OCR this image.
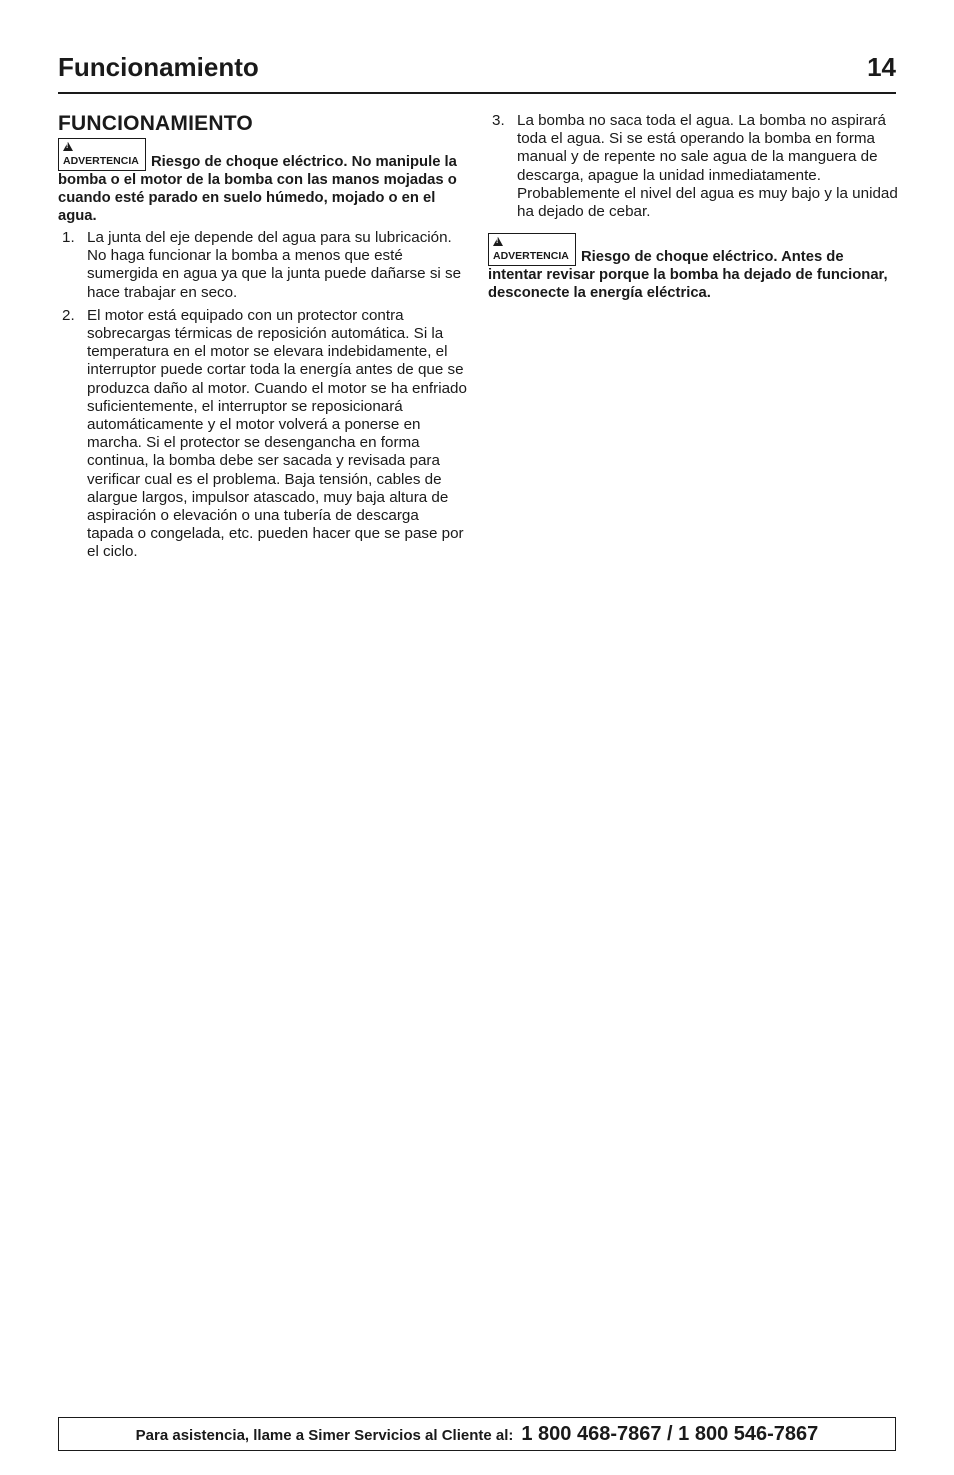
Funcionamiento	14
FUNCIONAMIENTO
!ADVERTENCIA Riesgo de choque eléctrico. No manipule la bomba o el motor de la bomba con las manos mojadas o cuando esté parado en suelo húmedo, mojado o en el agua.
1. La junta del eje depende del agua para su lubricación. No haga funcionar la bomba a menos que esté sumergida en agua ya que la junta puede dañarse si se hace trabajar en seco.
2. El motor está equipado con un protector contra sobrecargas térmicas de reposición automática. Si la temperatura en el motor se elevara indebidamente, el interruptor puede cortar toda la energía antes de que se produzca daño al motor. Cuando el motor se ha enfriado suficientemente, el interruptor se reposicionará automáticamente y el motor volverá a ponerse en marcha. Si el protector se desengancha en forma continua, la bomba debe ser sacada y revisada para verificar cual es el problema. Baja tensión, cables de alargue largos, impulsor atascado, muy baja altura de aspiración o elevación o una tubería de descarga tapada o congelada, etc. pueden hacer que se pase por el ciclo.
3. La bomba no saca toda el agua. La bomba no aspirará toda el agua. Si se está operando la bomba en forma manual y de repente no sale agua de la manguera de descarga, apague la unidad inmediatamente. Probablemente el nivel del agua es muy bajo y la unidad ha dejado de cebar.
!ADVERTENCIA Riesgo de choque eléctrico. Antes de intentar revisar porque la bomba ha dejado de funcionar, desconecte la energía eléctrica.
Para asistencia, llame a Simer Servicios al Cliente al: 1 800 468-7867 / 1 800 546-7867
